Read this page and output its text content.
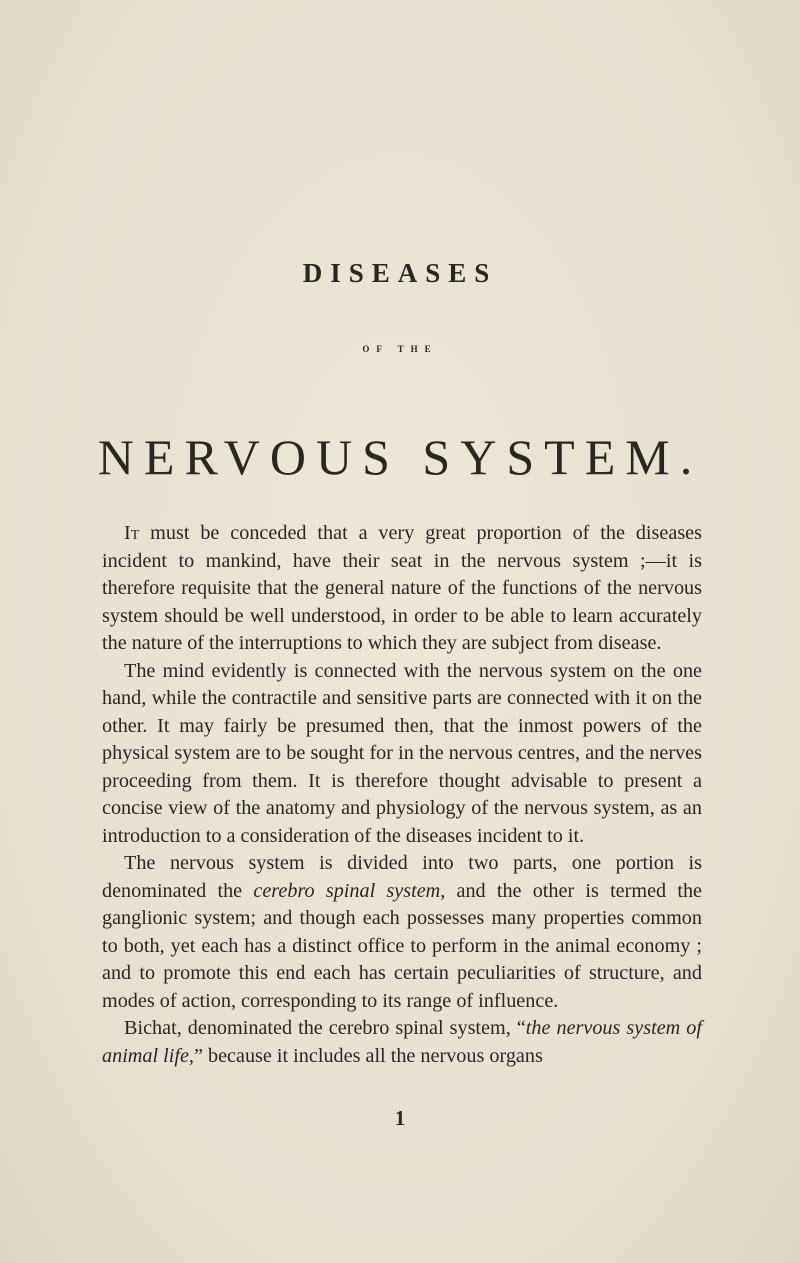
DISEASES
OF THE
NERVOUS SYSTEM.

It must be conceded that a very great proportion of the diseases incident to mankind, have their seat in the nervous system ;—it is therefore requisite that the general nature of the functions of the nervous system should be well understood, in order to be able to learn accurately the nature of the interruptions to which they are subject from disease.

The mind evidently is connected with the nervous system on the one hand, while the contractile and sensitive parts are connected with it on the other. It may fairly be presumed then, that the inmost powers of the physical system are to be sought for in the nervous centres, and the nerves proceeding from them. It is therefore thought advisable to present a concise view of the anatomy and physiology of the nervous system, as an introduction to a consideration of the diseases incident to it.

The nervous system is divided into two parts, one portion is denominated the cerebro spinal system, and the other is termed the ganglionic system; and though each possesses many properties common to both, yet each has a distinct office to perform in the animal economy ; and to promote this end each has certain peculiarities of structure, and modes of action, corresponding to its range of influence.

Bichat, denominated the cerebro spinal system, “the nervous system of animal life,” because it includes all the nervous organs

1
